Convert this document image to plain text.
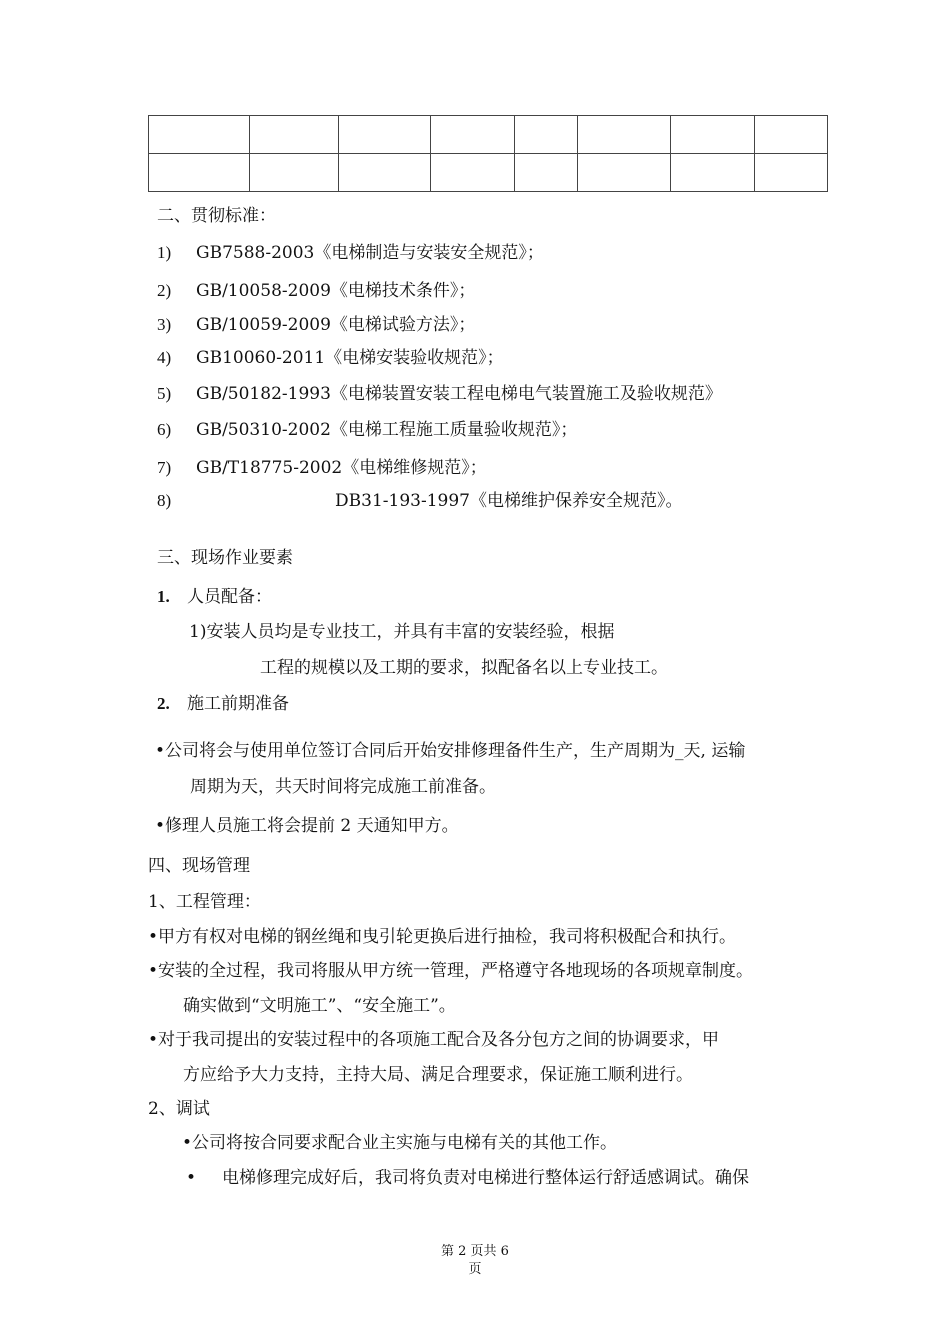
二、贯彻标准：
1) GB7588-2003《电梯制造与安装安全规范》；
2) GB/10058-2009《电梯技术条件》；
3) GB/10059-2009《电梯试验方法》；
4) GB10060-2011《电梯安装验收规范》；
5) GB/50182-1993《电梯装置安装工程电梯电气装置施工及验收规范》
6) GB/50310-2002《电梯工程施工质量验收规范》；
7) GB/T18775-2002《电梯维修规范》；
8)	DB31-193-1997《电梯维护保养安全规范》。
三、现场作业要素
1. 人员配备：
1)安装人员均是专业技工，并具有丰富的安装经验，根据
工程的规模以及工期的要求，拟配备名以上专业技工。
2. 施工前期准备
•公司将会与使用单位签订合同后开始安排修理备件生产，生产周期为_天, 运输
周期为天，共天时间将完成施工前准备。
•修理人员施工将会提前 2 天通知甲方。
四、现场管理
1、工程管理：
•甲方有权对电梯的钢丝绳和曳引轮更换后进行抽检，我司将积极配合和执行。
•安装的全过程，我司将服从甲方统一管理，严格遵守各地现场的各项规章制度。
确实做到“文明施工”、“安全施工”。
•对于我司提出的安装过程中的各项施工配合及各分包方之间的协调要求，甲
方应给予大力支持，主持大局、满足合理要求，保证施工顺利进行。
2、调试
•公司将按合同要求配合业主实施与电梯有关的其他工作。
• 电梯修理完成好后，我司将负责对电梯进行整体运行舒适感调试。确保
第 2 页共 6
页
